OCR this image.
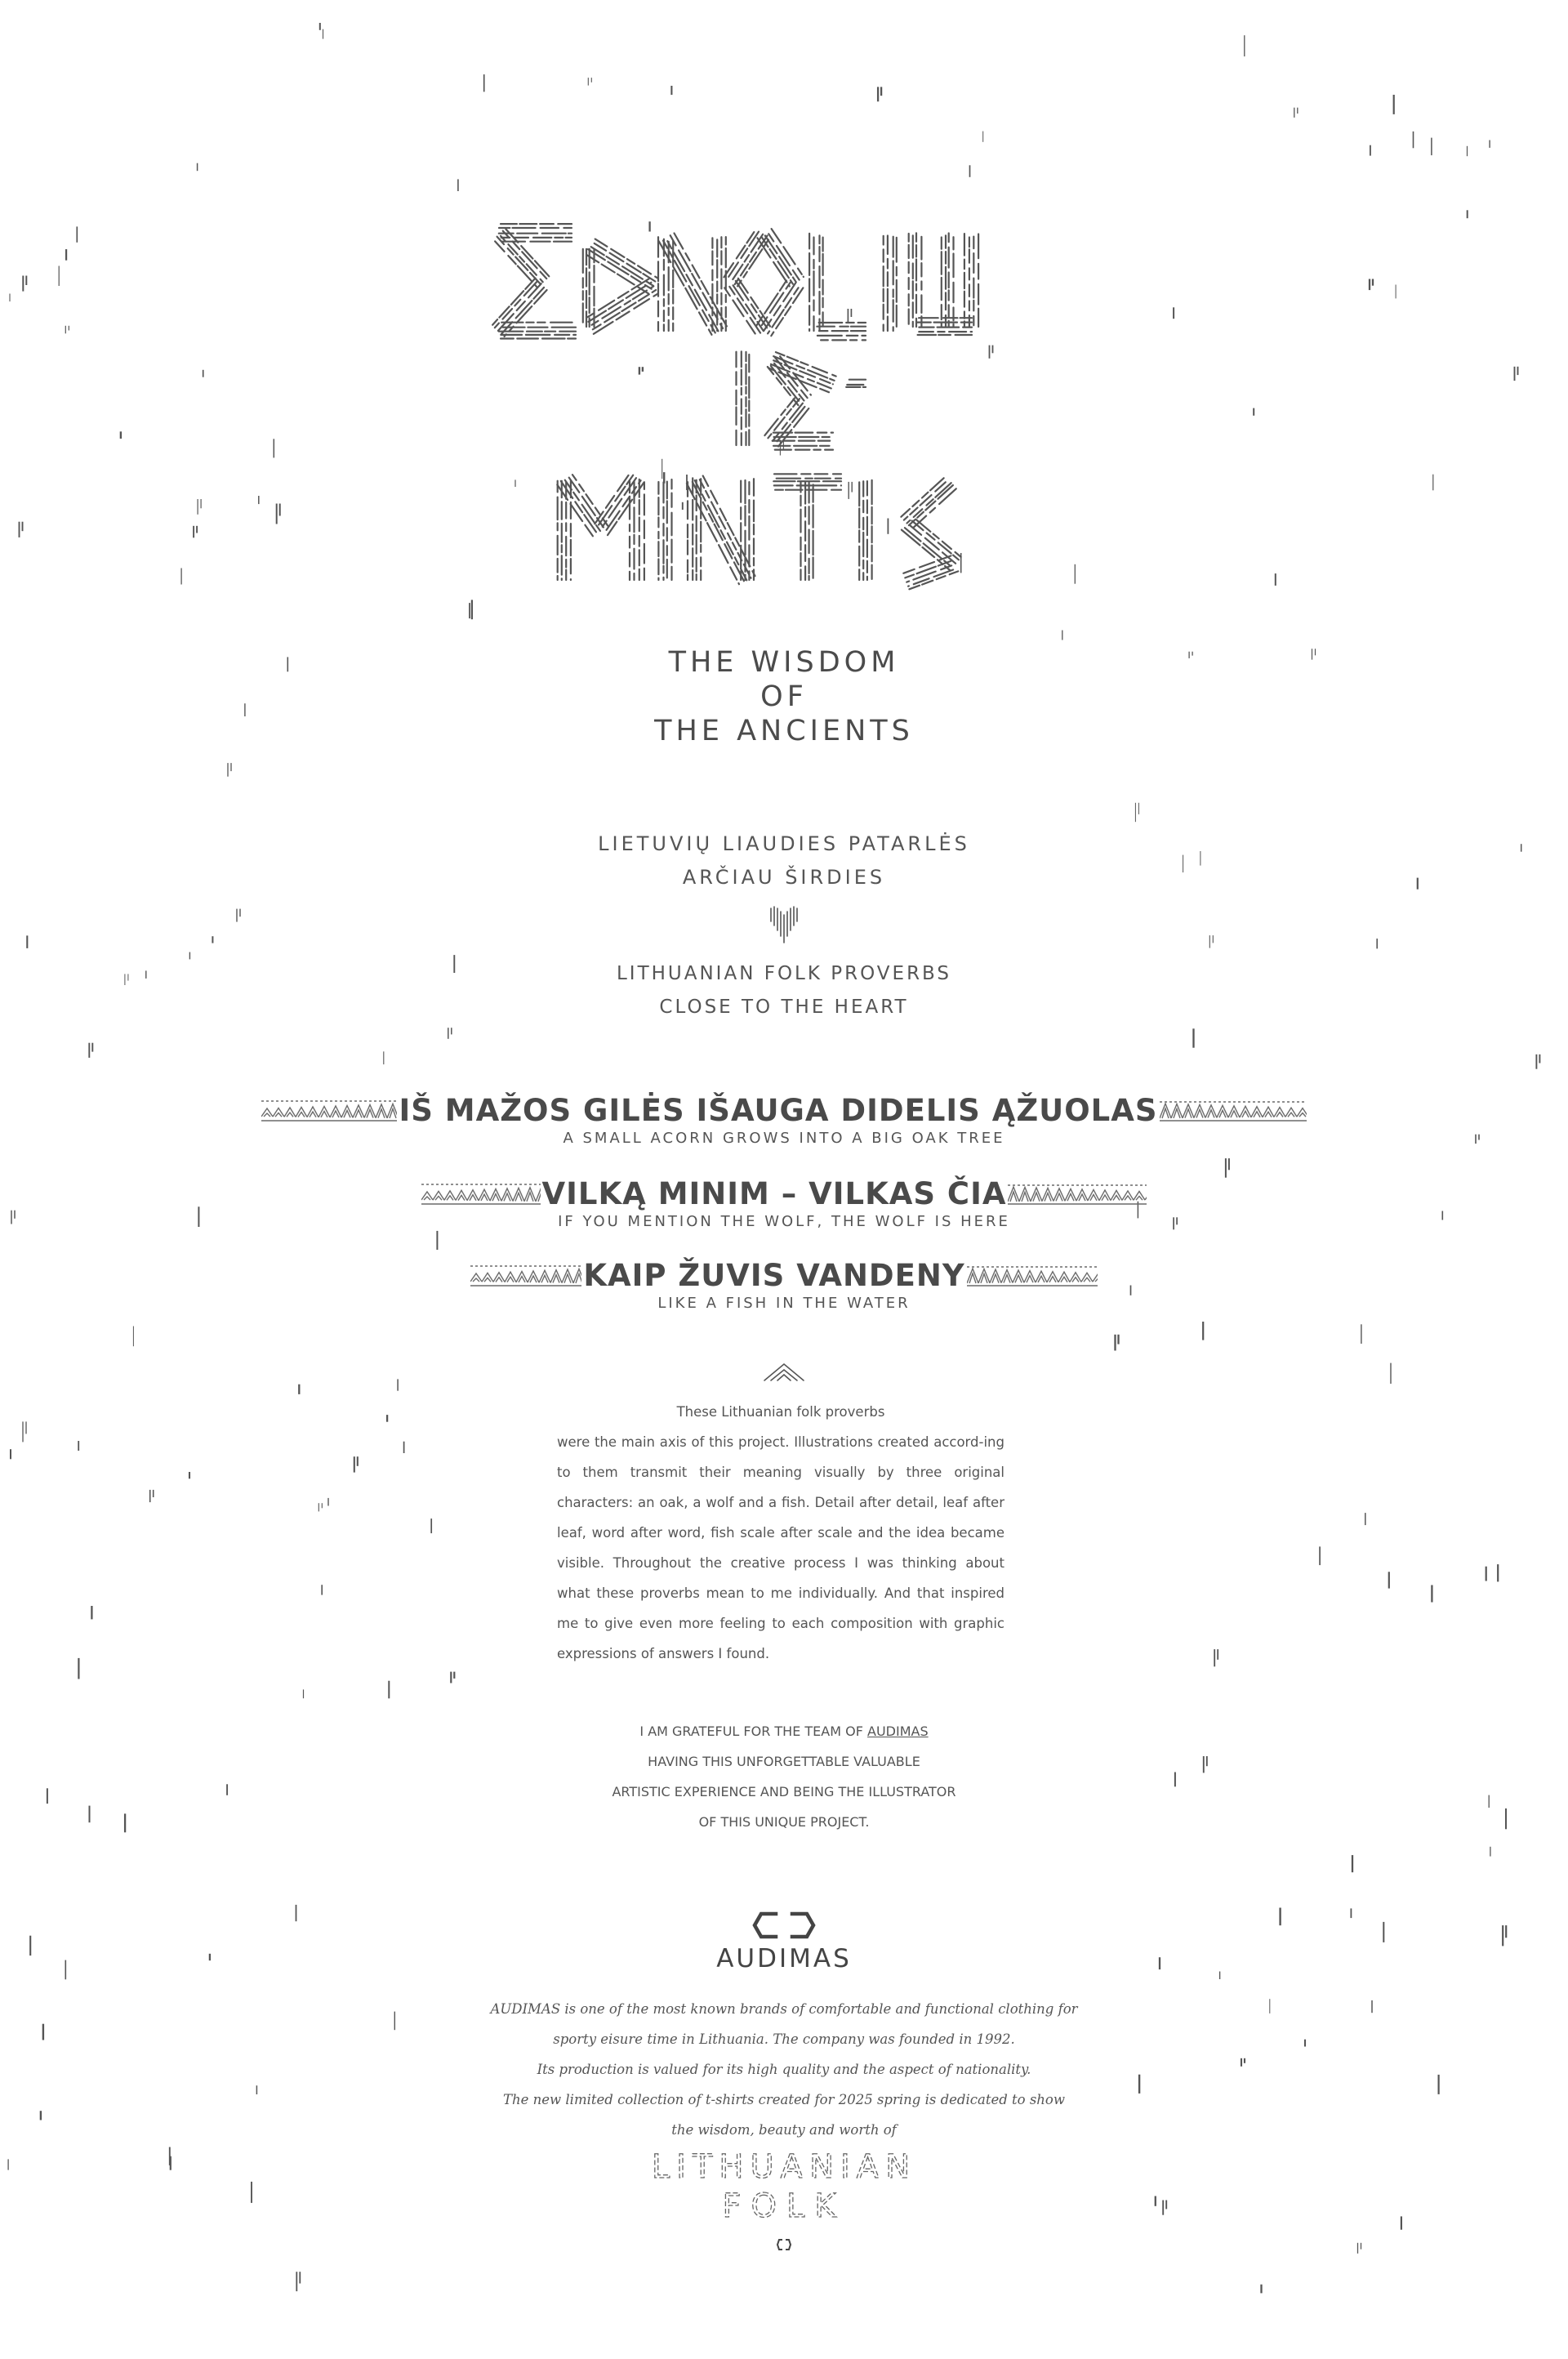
THE WISDOM
OF
THE ANCIENTS
LIETUVIŲ LIAUDIES PATARLĖS
ARČIAU ŠIRDIES
LITHUANIAN FOLK PROVERBS
CLOSE TO THE HEART
IŠ MAŽOS GILĖS IŠAUGA DIDELIS ĄŽUOLAS
A SMALL ACORN GROWS INTO A BIG OAK TREE
VILKĄ MINIM – VILKAS ČIA
IF YOU MENTION THE WOLF, THE WOLF IS HERE
KAIP ŽUVIS VANDENY
LIKE A FISH IN THE WATER
These Lithuanian folk proverbs
were the main axis of this project. Illustrations created accord-ing to them transmit their meaning visually by three original characters: an oak, a wolf and a fish. Detail after detail, leaf after leaf, word after word, fish scale after scale and the idea became visible. Throughout the creative process I was thinking about what these proverbs mean to me individually. And that inspired me to give even more feeling to each composition with graphic expressions of answers I found.
I AM GRATEFUL FOR THE TEAM OF AUDIMAS
HAVING THIS UNFORGETTABLE VALUABLE
ARTISTIC EXPERIENCE AND BEING THE ILLUSTRATOR
OF THIS UNIQUE PROJECT.
AUDIMAS
AUDIMAS is one of the most known brands of comfortable and functional clothing for
sporty eisure time in Lithuania. The company was founded in 1992.
Its production is valued for its high quality and the aspect of nationality.
The new limited collection of t-shirts created for 2025 spring is dedicated to show
the wisdom, beauty and worth of
LITHUANIAN
FOLK
